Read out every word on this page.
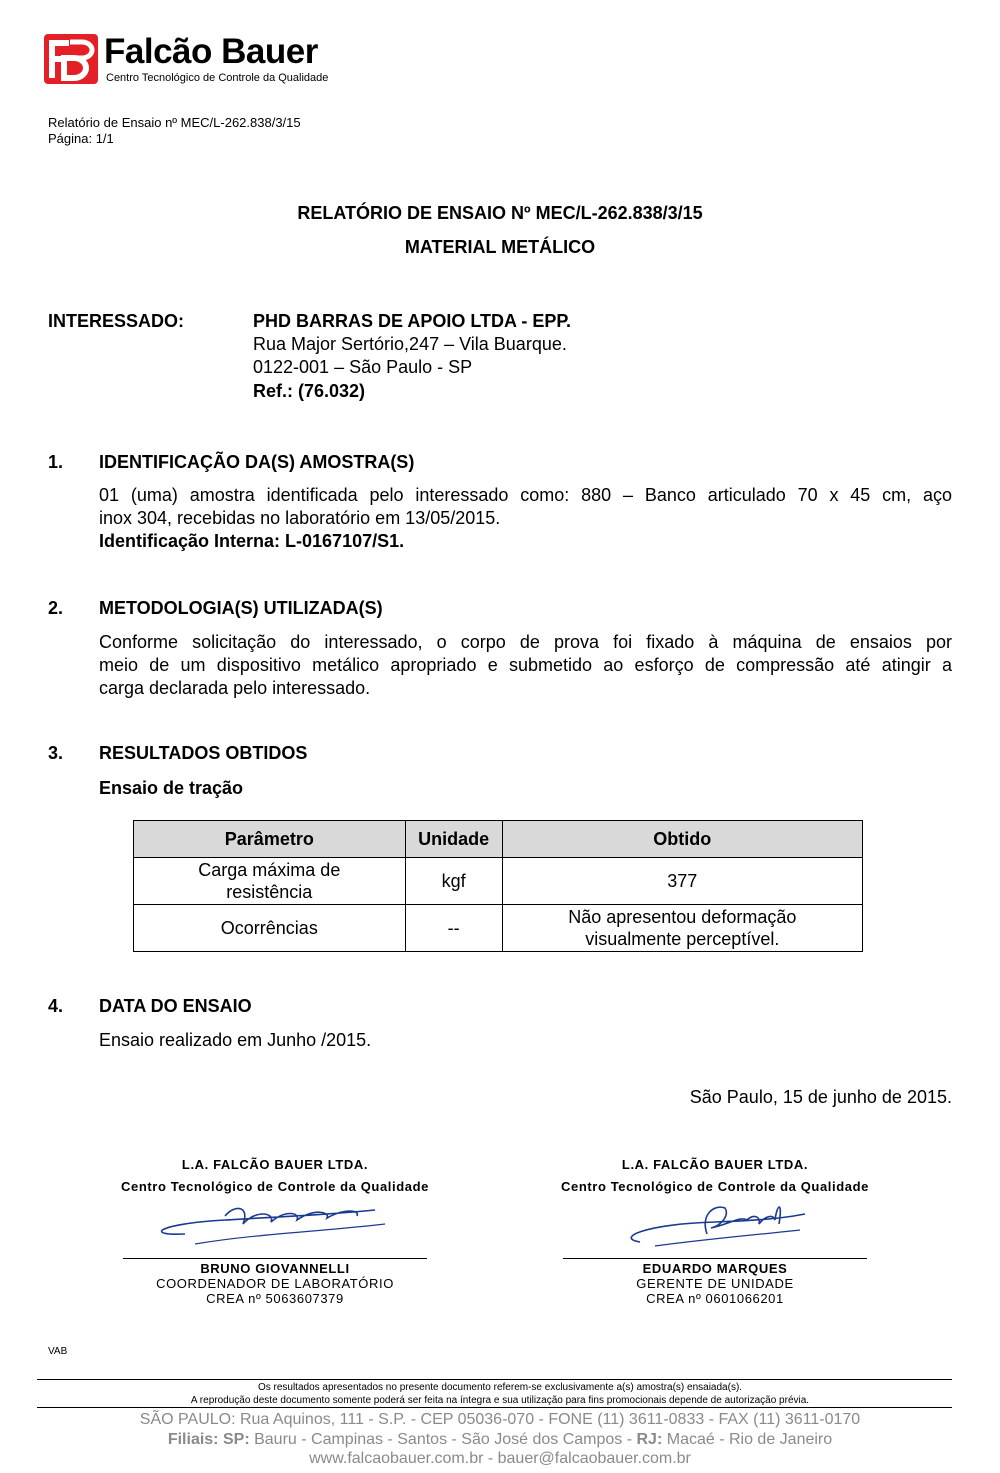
Falcão Bauer
Centro Tecnológico de Controle da Qualidade
Relatório de Ensaio nº MEC/L-262.838/3/15
Página: 1/1
RELATÓRIO DE ENSAIO Nº MEC/L-262.838/3/15
MATERIAL METÁLICO
INTERESSADO:	PHD BARRAS DE APOIO LTDA - EPP.
Rua Major Sertório,247 – Vila Buarque.
0122-001 – São Paulo - SP
Ref.: (76.032)
1. IDENTIFICAÇÃO DA(S) AMOSTRA(S)
01 (uma) amostra identificada pelo interessado como: 880 – Banco articulado 70 x 45 cm, aço
inox 304, recebidas no laboratório em 13/05/2015.
Identificação Interna: L-0167107/S1.
2. METODOLOGIA(S) UTILIZADA(S)
Conforme solicitação do interessado, o corpo de prova foi fixado à máquina de ensaios por
meio de um dispositivo metálico apropriado e submetido ao esforço de compressão até atingir a
carga declarada pelo interessado.
3. RESULTADOS OBTIDOS
Ensaio de tração
Parâmetro	Unidade	Obtido

Carga máxima de
resistência	kgf	377
Ocorrências	--	Não apresentou deformação
visualmente perceptível.
4. DATA DO ENSAIO
Ensaio realizado em Junho /2015.
São Paulo, 15 de junho de 2015.
L.A. FALCÃO BAUER LTDA.
Centro Tecnológico de Controle da Qualidade
BRUNO GIOVANNELLI
COORDENADOR DE LABORATÓRIO
CREA nº 5063607379
L.A. FALCÃO BAUER LTDA.
Centro Tecnológico de Controle da Qualidade
EDUARDO MARQUES
GERENTE DE UNIDADE
CREA nº 0601066201
VAB
Os resultados apresentados no presente documento referem-se exclusivamente a(s) amostra(s) ensaiada(s).
A reprodução deste documento somente poderá ser feita na íntegra e sua utilização para fins promocionais depende de autorização prévia.
SÃO PAULO: Rua Aquinos, 111 - S.P. - CEP 05036-070 - FONE (11) 3611-0833 - FAX (11) 3611-0170
Filiais: SP: Bauru - Campinas - Santos - São José dos Campos - RJ: Macaé - Rio de Janeiro
www.falcaobauer.com.br - bauer@falcaobauer.com.br
